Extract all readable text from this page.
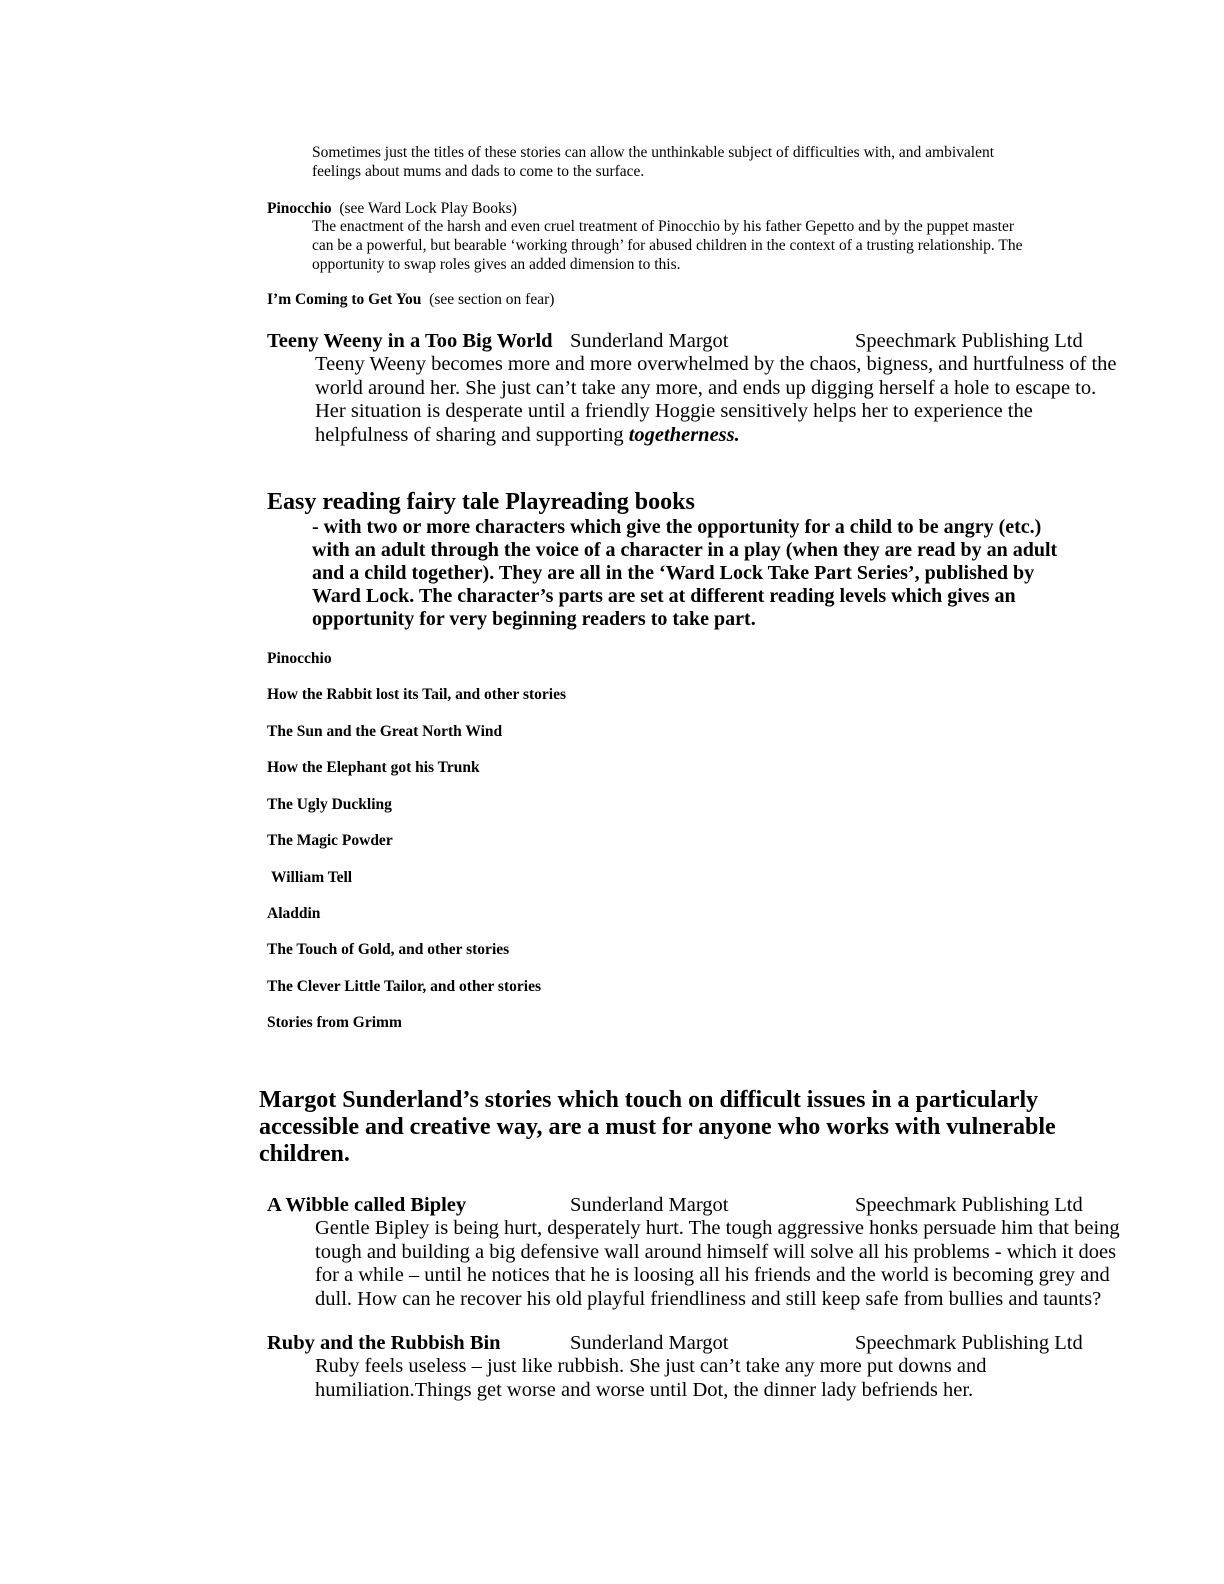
Sometimes just the titles of these stories can allow the unthinkable subject of difficulties with, and ambivalent
feelings about mums and dads to come to the surface.
Pinocchio (see Ward Lock Play Books)
The enactment of the harsh and even cruel treatment of Pinocchio by his father Gepetto and by the puppet master
can be a powerful, but bearable ‘working through’ for abused children in the context of a trusting relationship. The
opportunity to swap roles gives an added dimension to this.
I’m Coming to Get You (see section on fear)
Teeny Weeny in a Too Big World Sunderland Margot	Speechmark Publishing Ltd
Teeny Weeny becomes more and more overwhelmed by the chaos, bigness, and hurtfulness of the
world around her. She just can’t take any more, and ends up digging herself a hole to escape to.
Her situation is desperate until a friendly Hoggie sensitively helps her to experience the
helpfulness of sharing and supporting togetherness.
Easy reading fairy tale Playreading books
- with two or more characters which give the opportunity for a child to be angry (etc.)
with an adult through the voice of a character in a play (when they are read by an adult
and a child together). They are all in the ‘Ward Lock Take Part Series’, published by
Ward Lock. The character’s parts are set at different reading levels which gives an
opportunity for very beginning readers to take part.
Pinocchio
How the Rabbit lost its Tail, and other stories
The Sun and the Great North Wind
How the Elephant got his Trunk
The Ugly Duckling
The Magic Powder
William Tell
Aladdin
The Touch of Gold, and other stories
The Clever Little Tailor, and other stories
Stories from Grimm
Margot Sunderland’s stories which touch on difficult issues in a particularly
accessible and creative way, are a must for anyone who works with vulnerable
children.
A Wibble called Bipley	Sunderland Margot	Speechmark Publishing Ltd
Gentle Bipley is being hurt, desperately hurt. The tough aggressive honks persuade him that being
tough and building a big defensive wall around himself will solve all his problems - which it does
for a while – until he notices that he is loosing all his friends and the world is becoming grey and
dull. How can he recover his old playful friendliness and still keep safe from bullies and taunts?
Ruby and the Rubbish Bin	Sunderland Margot	Speechmark Publishing Ltd
Ruby feels useless – just like rubbish. She just can’t take any more put downs and
humiliation.Things get worse and worse until Dot, the dinner lady befriends her.
